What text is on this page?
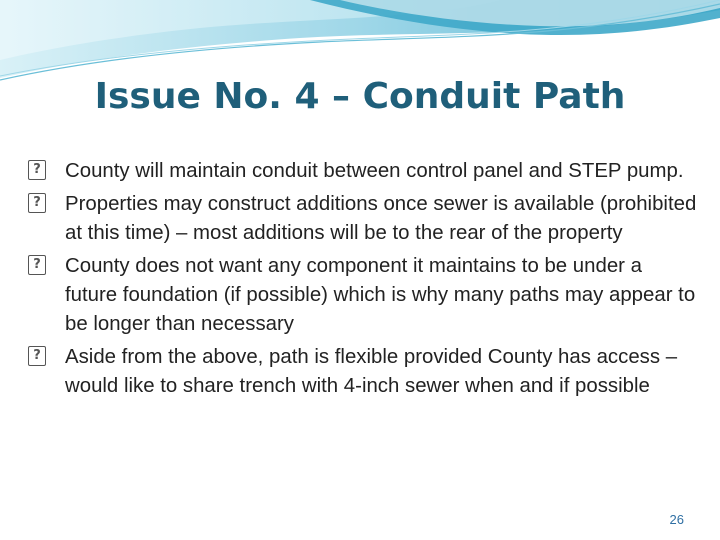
Issue No. 4 – Conduit Path
? County will maintain conduit between control panel and STEP pump.
? Properties may construct additions once sewer is available (prohibited at this time) – most additions will be to the rear of the property
? County does not want any component it maintains to be under a future foundation (if possible) which is why many paths may appear to be longer than necessary
? Aside from the above, path is flexible provided County has access – would like to share trench with 4-inch sewer when and if possible
26
